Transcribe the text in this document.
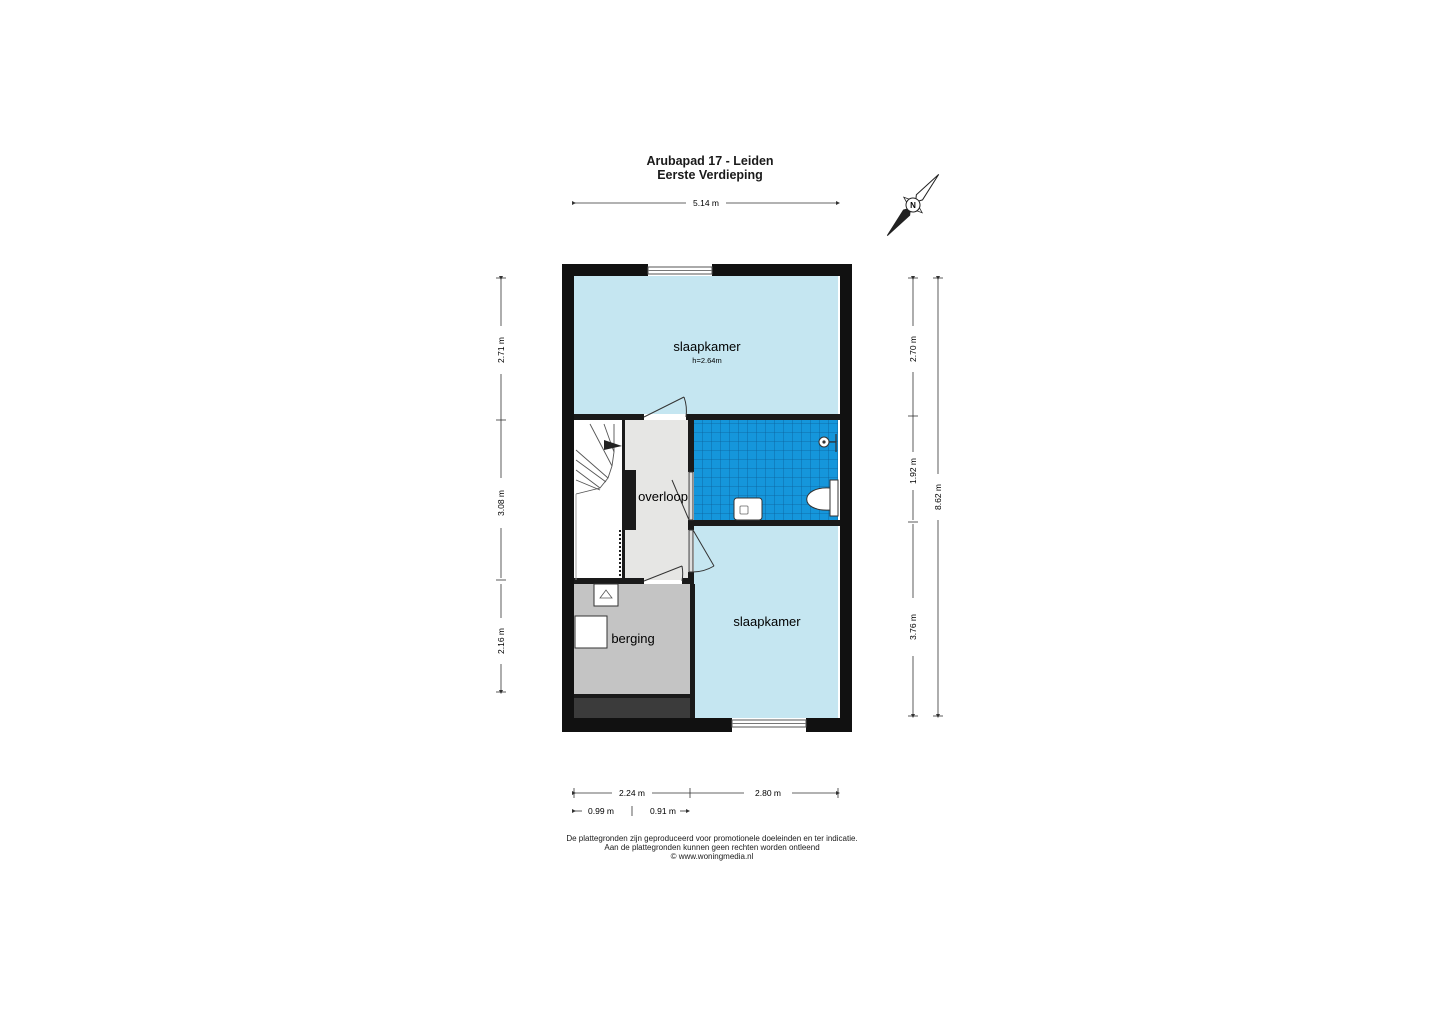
Arubapad 17 - Leiden
Eerste Verdieping
slaapkamer
h=2.64m
overloop
slaapkamer
berging
5.14 m
2.71 m
3.08 m
2.16 m
2.70 m
1.92 m
3.76 m
8.62 m
2.24 m	2.80 m
0.99 m	0.91 m
N
De plattegronden zijn geproduceerd voor promotionele doeleinden en ter indicatie.
Aan de plattegronden kunnen geen rechten worden ontleend
© www.woningmedia.nl
